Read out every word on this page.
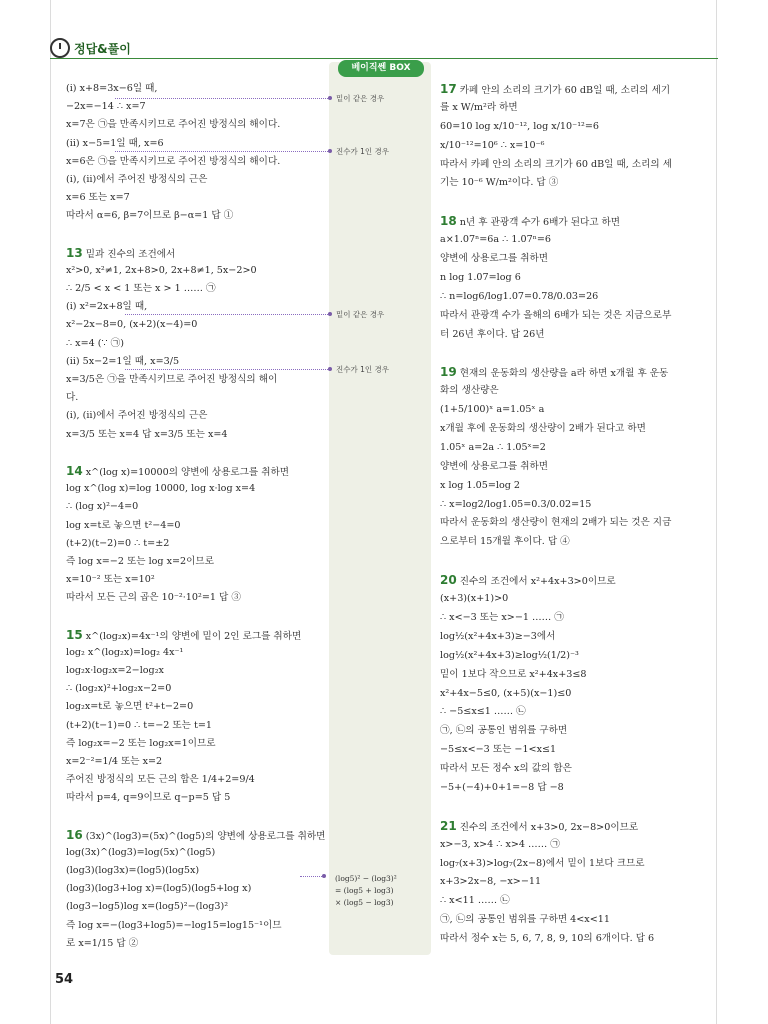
정답&풀이
베이직쎈 BOX
밑이 같은 경우
진수가 1인 경우
밑이 같은 경우
진수가 1인 경우
(log5)² − (log3)²
= (log5 + log3)
× (log5 − log3)
(ⅰ) x+8=3x−6일 때,
−2x=−14 ∴ x=7
x=7은 ㉠을 만족시키므로 주어진 방정식의 해이다.
(ⅱ) x−5=1일 때, x=6
x=6은 ㉠을 만족시키므로 주어진 방정식의 해이다.
(ⅰ), (ⅱ)에서 주어진 방정식의 근은
x=6 또는 x=7
따라서 α=6, β=7이므로 β−α=1 답 ①
13 밑과 진수의 조건에서
x²>0, x²≠1, 2x+8>0, 2x+8≠1, 5x−2>0
∴ 2/5 < x < 1 또는 x > 1 …… ㉠
(ⅰ) x²=2x+8일 때,
x²−2x−8=0, (x+2)(x−4)=0
∴ x=4 (∵ ㉠)
(ⅱ) 5x−2=1일 때, x=3/5
x=3/5은 ㉠을 만족시키므로 주어진 방정식의 해이
다.
(ⅰ), (ⅱ)에서 주어진 방정식의 근은
x=3/5 또는 x=4 답 x=3/5 또는 x=4
14 x^(log x)=10000의 양변에 상용로그를 취하면
log x^(log x)=log 10000, log x·log x=4
∴ (log x)²−4=0
log x=t로 놓으면 t²−4=0
(t+2)(t−2)=0 ∴ t=±2
즉 log x=−2 또는 log x=2이므로
x=10⁻² 또는 x=10²
따라서 모든 근의 곱은 10⁻²·10²=1 답 ③
15 x^(log₂x)=4x⁻¹의 양변에 밑이 2인 로그를 취하면
log₂ x^(log₂x)=log₂ 4x⁻¹
log₂x·log₂x=2−log₂x
∴ (log₂x)²+log₂x−2=0
log₂x=t로 놓으면 t²+t−2=0
(t+2)(t−1)=0 ∴ t=−2 또는 t=1
즉 log₂x=−2 또는 log₂x=1이므로
x=2⁻²=1/4 또는 x=2
주어진 방정식의 모든 근의 합은 1/4+2=9/4
따라서 p=4, q=9이므로 q−p=5 답 5
16 (3x)^(log3)=(5x)^(log5)의 양변에 상용로그를 취하면
log(3x)^(log3)=log(5x)^(log5)
(log3)(log3x)=(log5)(log5x)
(log3)(log3+log x)=(log5)(log5+log x)
(log3−log5)log x=(log5)²−(log3)²
즉 log x=−(log3+log5)=−log15=log15⁻¹이므
로 x=1/15 답 ②
17 카페 안의 소리의 크기가 60 dB일 때, 소리의 세기
를 x W/m²라 하면
60=10 log x/10⁻¹², log x/10⁻¹²=6
x/10⁻¹²=10⁶ ∴ x=10⁻⁶
따라서 카페 안의 소리의 크기가 60 dB일 때, 소리의 세
기는 10⁻⁶ W/m²이다. 답 ③
18 n년 후 관광객 수가 6배가 된다고 하면
a×1.07ⁿ=6a ∴ 1.07ⁿ=6
양변에 상용로그를 취하면
n log 1.07=log 6
∴ n=log6/log1.07=0.78/0.03=26
따라서 관광객 수가 올해의 6배가 되는 것은 지금으로부
터 26년 후이다. 답 26년
19 현재의 운동화의 생산량을 a라 하면 x개월 후 운동
화의 생산량은
(1+5/100)ˣ a=1.05ˣ a
x개월 후에 운동화의 생산량이 2배가 된다고 하면
1.05ˣ a=2a ∴ 1.05ˣ=2
양변에 상용로그를 취하면
x log 1.05=log 2
∴ x=log2/log1.05=0.3/0.02=15
따라서 운동화의 생산량이 현재의 2배가 되는 것은 지금
으로부터 15개월 후이다. 답 ④
20 진수의 조건에서 x²+4x+3>0이므로
(x+3)(x+1)>0
∴ x<−3 또는 x>−1 …… ㉠
log½(x²+4x+3)≥−3에서
log½(x²+4x+3)≥log½(1/2)⁻³
밑이 1보다 작으므로 x²+4x+3≤8
x²+4x−5≤0, (x+5)(x−1)≤0
∴ −5≤x≤1 …… ㉡
㉠, ㉡의 공통인 범위를 구하면
−5≤x<−3 또는 −1<x≤1
따라서 모든 정수 x의 값의 합은
−5+(−4)+0+1=−8 답 −8
21 진수의 조건에서 x+3>0, 2x−8>0이므로
x>−3, x>4 ∴ x>4 …… ㉠
log₇(x+3)>log₇(2x−8)에서 밑이 1보다 크므로
x+3>2x−8, −x>−11
∴ x<11 …… ㉡
㉠, ㉡의 공통인 범위를 구하면 4<x<11
따라서 정수 x는 5, 6, 7, 8, 9, 10의 6개이다. 답 6
54
